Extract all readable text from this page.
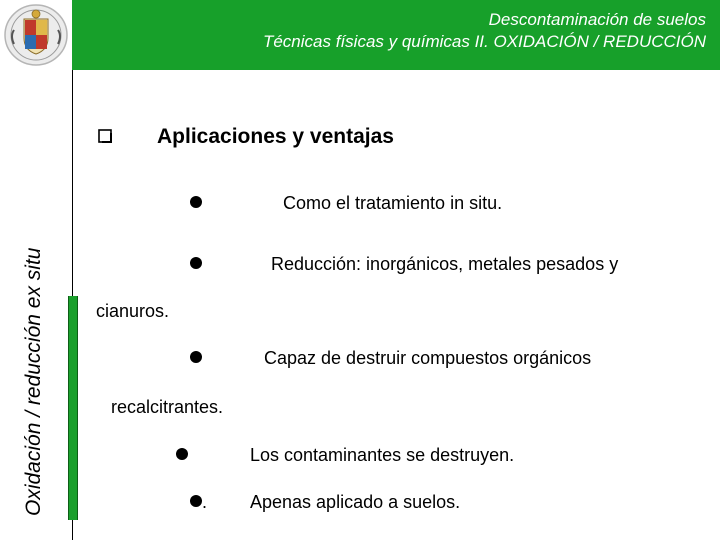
Descontaminación de suelos
Técnicas físicas y químicas II. OXIDACIÓN / REDUCCIÓN
Oxidación / reducción ex situ
Aplicaciones y ventajas
Como el tratamiento in situ.
Reducción: inorgánicos, metales pesados y
cianuros.
Capaz de destruir compuestos orgánicos
recalcitrantes.
Los contaminantes se destruyen.
. Apenas aplicado a suelos.
